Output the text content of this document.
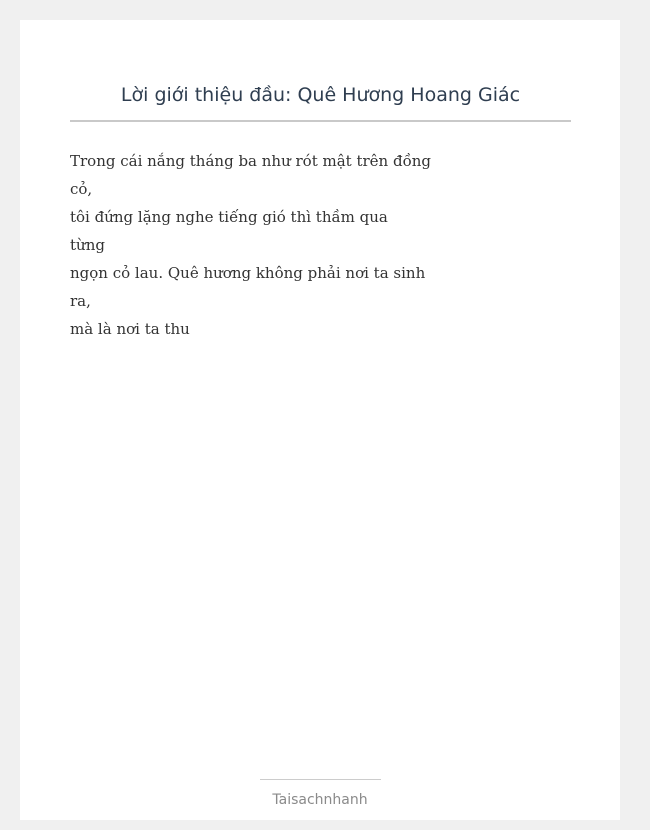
Lời giới thiệu đầu: Quê Hương Hoang Giác
Trong cái nắng tháng ba như rót mật trên đồng
cỏ,
tôi đứng lặng nghe tiếng gió thì thầm qua
từng
ngọn cỏ lau. Quê hương không phải nơi ta sinh
ra,
mà là nơi ta thu
Taisachnhanh
